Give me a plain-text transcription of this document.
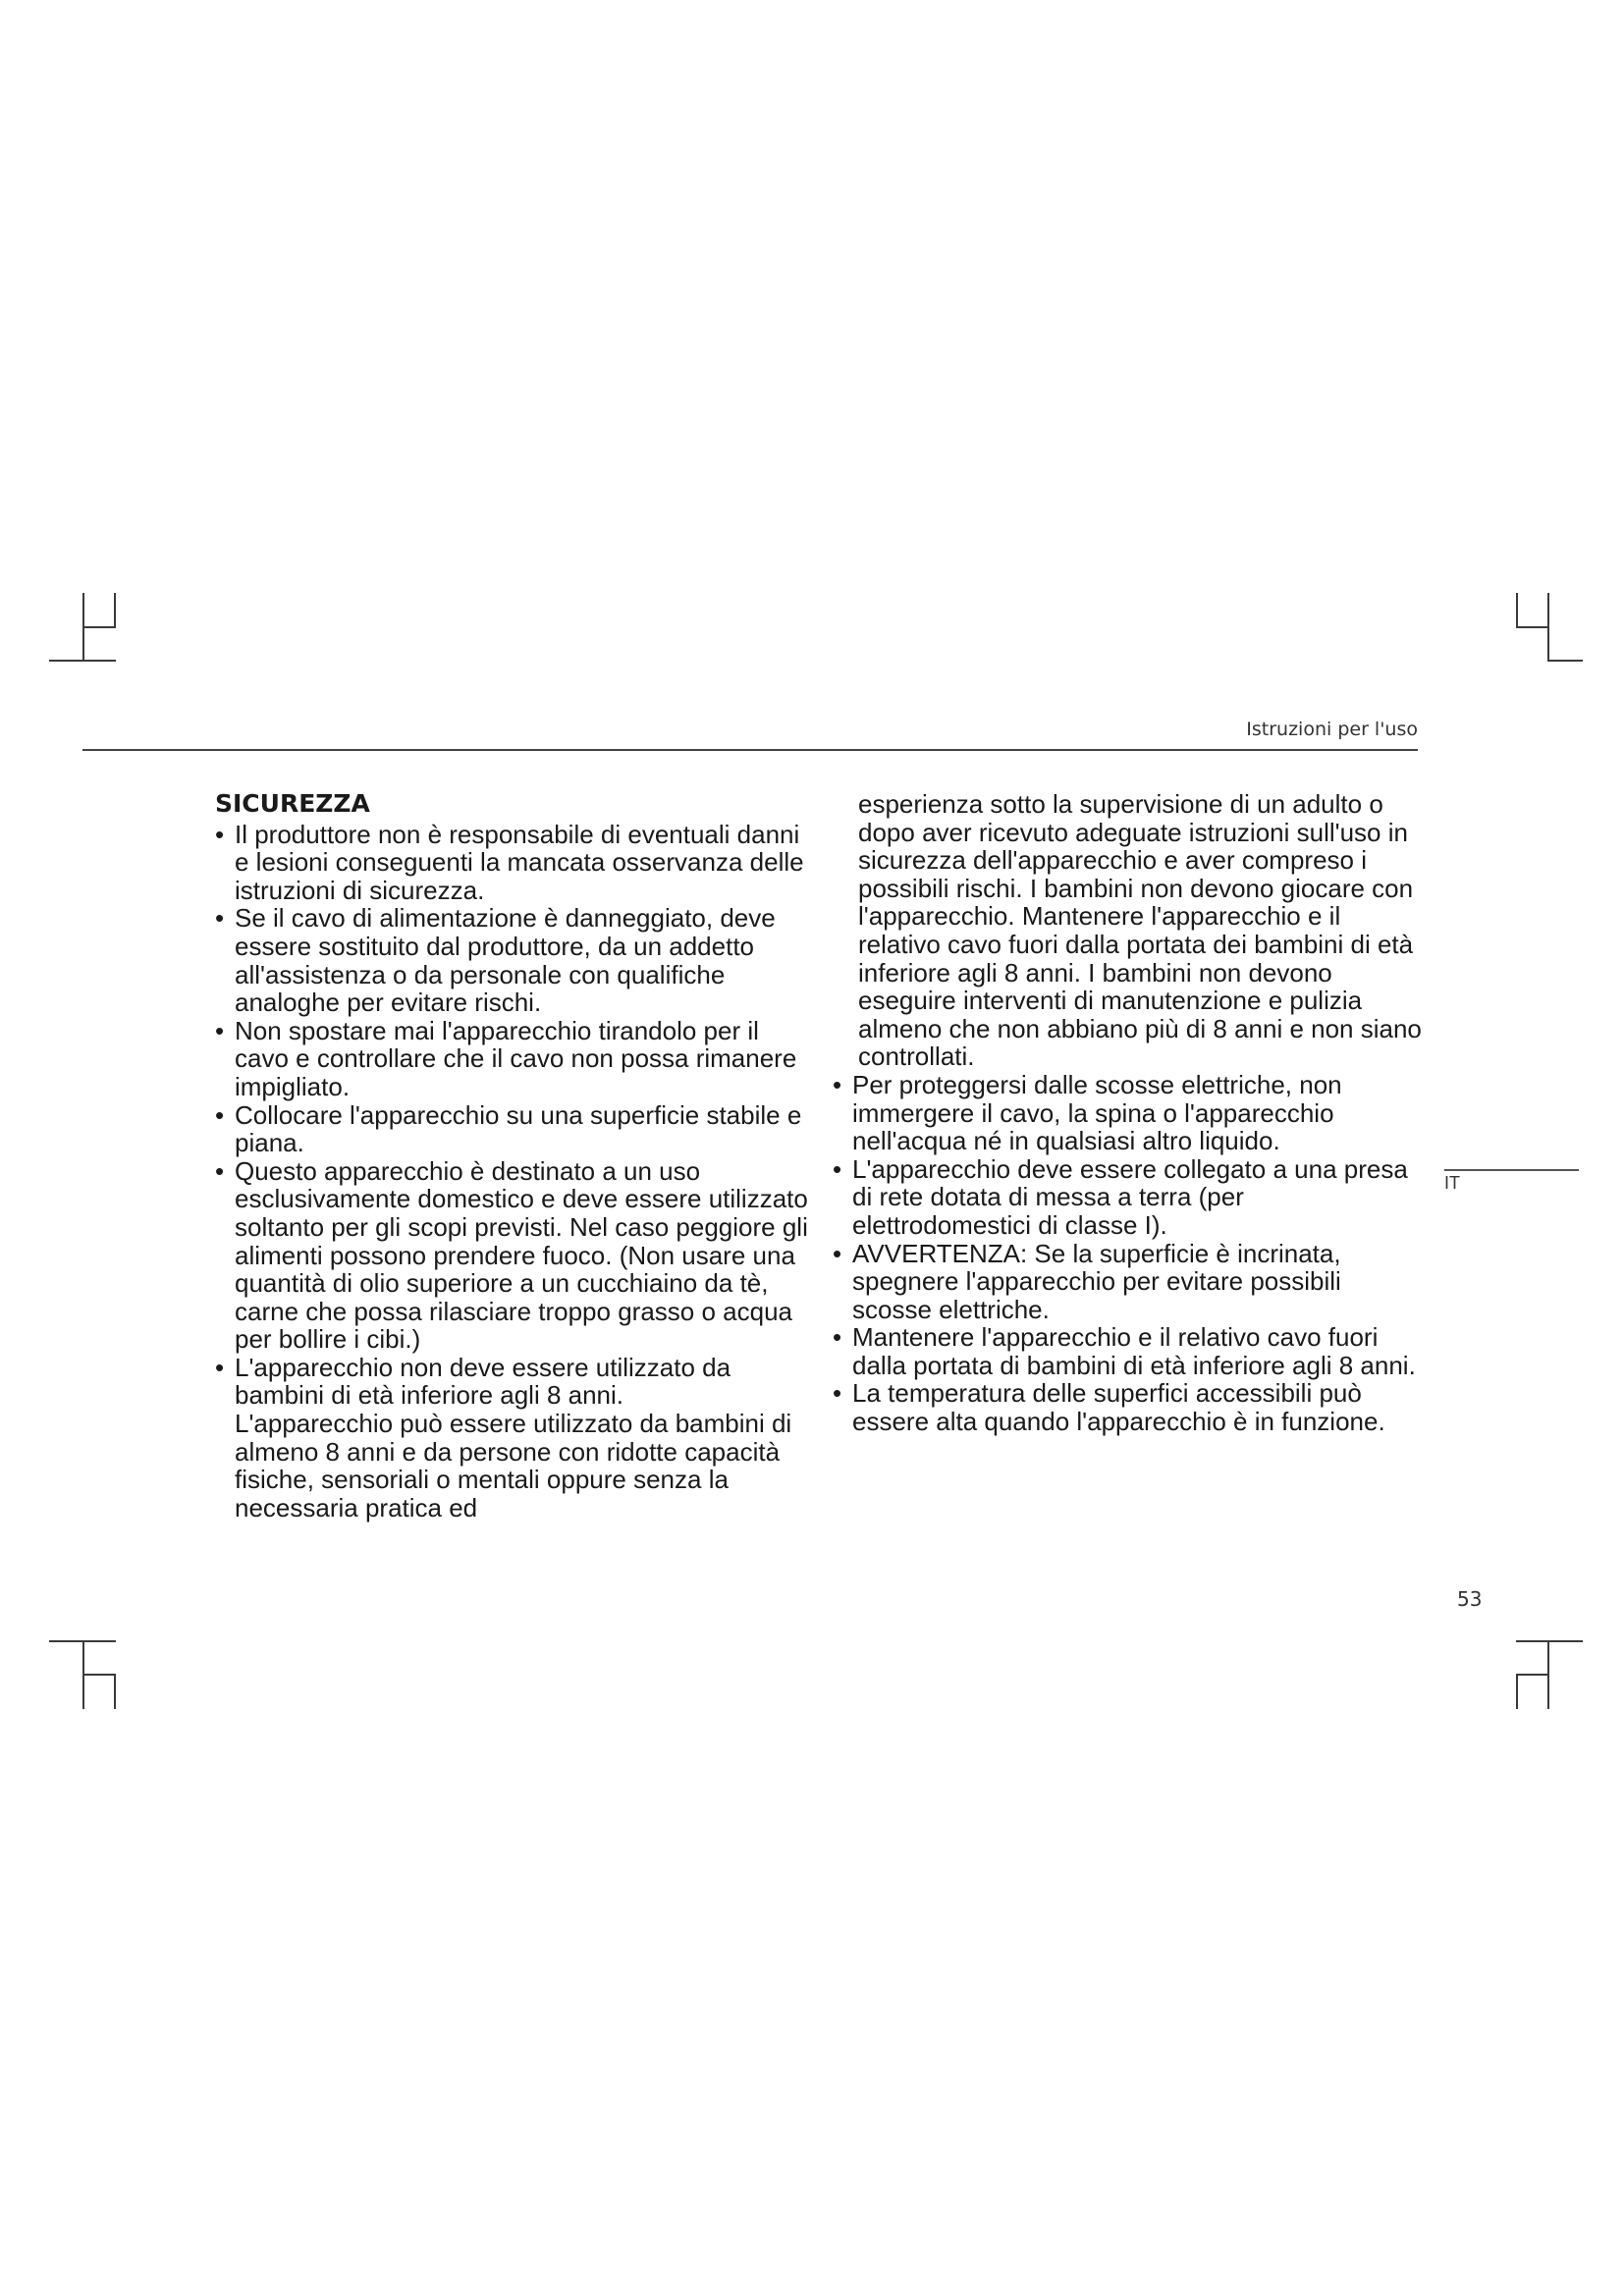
Istruzioni per l'uso
SICUREZZA
• Il produttore non è responsabile di eventuali danni e lesioni conseguenti la mancata osservanza delle istruzioni di sicurezza.
• Se il cavo di alimentazione è danneggiato, deve essere sostituito dal produttore, da un addetto all'assistenza o da personale con qualifiche analoghe per evitare rischi.
• Non spostare mai l'apparecchio tirandolo per il cavo e controllare che il cavo non possa rimanere impigliato.
• Collocare l'apparecchio su una superficie stabile e piana.
• Questo apparecchio è destinato a un uso esclusivamente domestico e deve essere utilizzato soltanto per gli scopi previsti. Nel caso peggiore gli alimenti possono prendere fuoco. (Non usare una quantità di olio superiore a un cucchiaino da tè, carne che possa rilasciare troppo grasso o acqua per bollire i cibi.)
• L'apparecchio non deve essere utilizzato da bambini di età inferiore agli 8 anni.

L'apparecchio può essere utilizzato da bambini di almeno 8 anni e da persone con ridotte capacità fisiche, sensoriali o mentali oppure senza la necessaria pratica ed

esperienza sotto la supervisione di un adulto o dopo aver ricevuto adeguate istruzioni sull'uso in sicurezza dell'apparecchio e aver compreso i possibili rischi. I bambini non devono giocare con l'apparecchio. Mantenere l'apparecchio e il relativo cavo fuori dalla portata dei bambini di età inferiore agli 8 anni. I bambini non devono eseguire interventi di manutenzione e pulizia almeno che non abbiano più di 8 anni e non siano controllati.

• Per proteggersi dalle scosse elettriche, non immergere il cavo, la spina o l'apparecchio nell'acqua né in qualsiasi altro liquido.
• L'apparecchio deve essere collegato a una presa di rete dotata di messa a terra (per elettrodomestici di classe I).
• AVVERTENZA: Se la superficie è incrinata, spegnere l'apparecchio per evitare possibili scosse elettriche.
• Mantenere l'apparecchio e il relativo cavo fuori dalla portata di bambini di età inferiore agli 8 anni.
• La temperatura delle superfici accessibili può essere alta quando l'apparecchio è in funzione.
IT
53
